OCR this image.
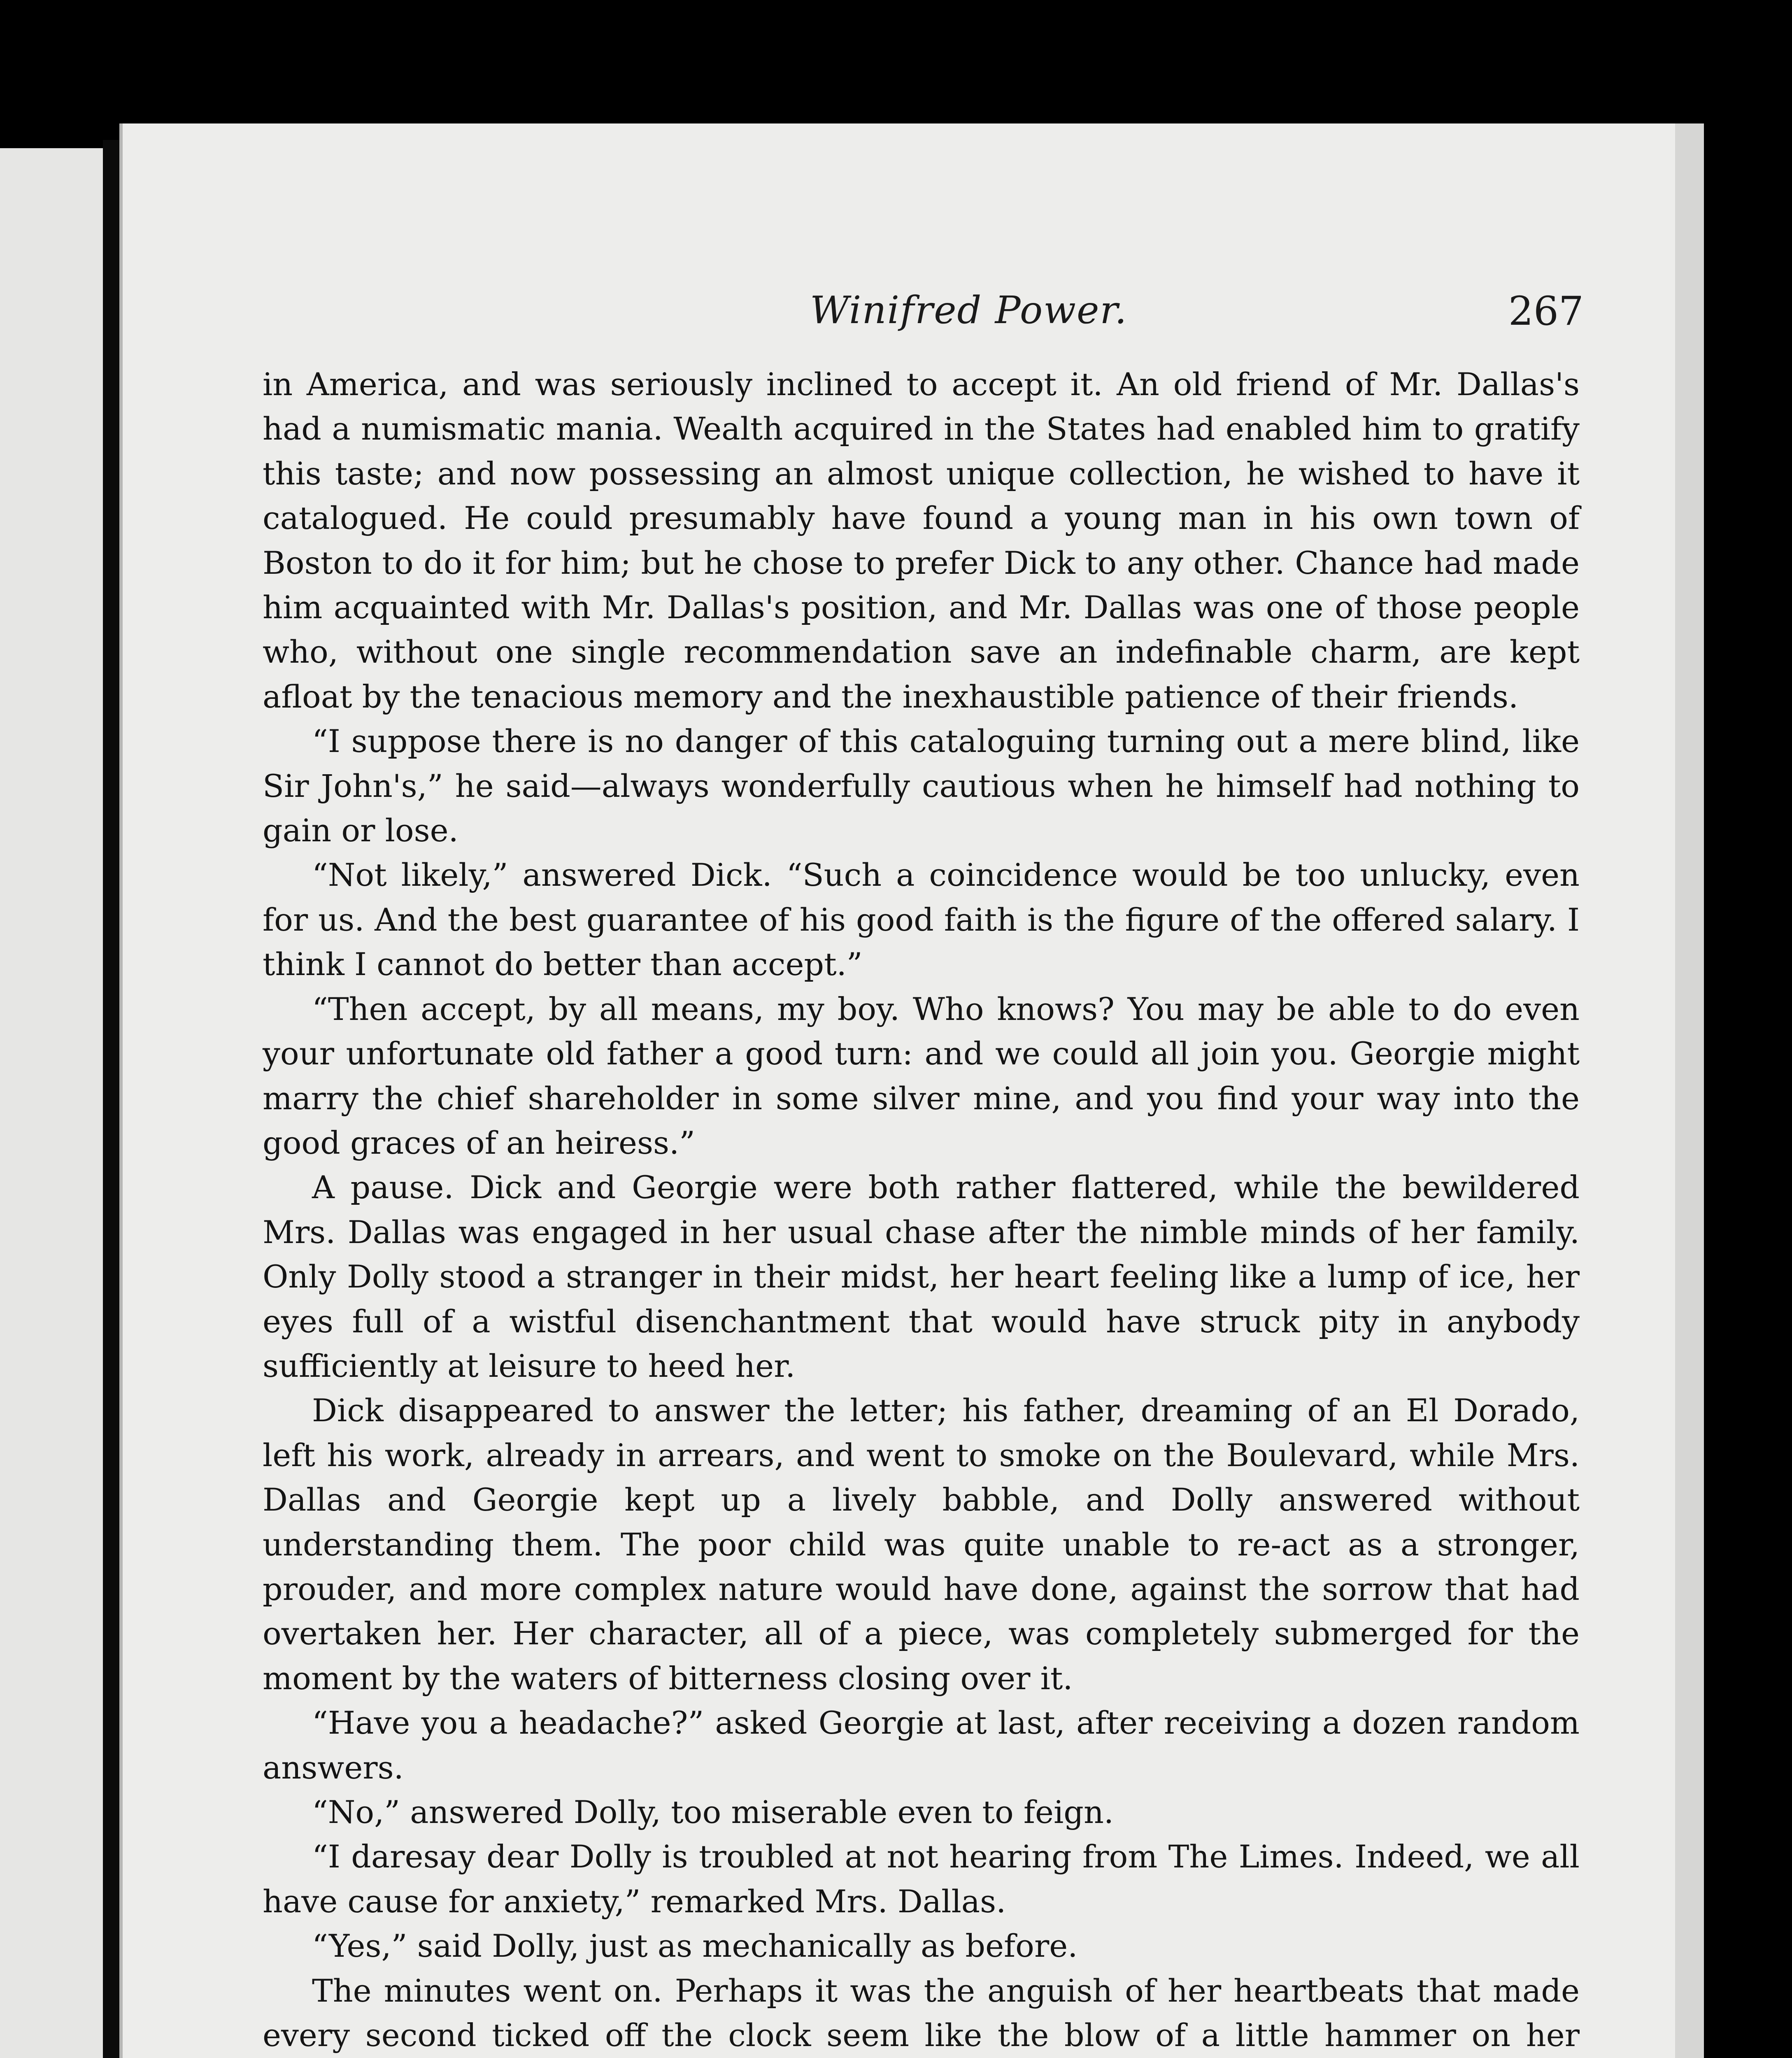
Winifred Power.	267

in America, and was seriously inclined to accept it. An old friend of Mr. Dallas's had a numismatic mania. Wealth acquired in the States had enabled him to gratify this taste; and now possessing an almost unique collection, he wished to have it catalogued. He could presumably have found a young man in his own town of Boston to do it for him; but he chose to prefer Dick to any other. Chance had made him acquainted with Mr. Dallas's position, and Mr. Dallas was one of those people who, without one single recommendation save an indefinable charm, are kept afloat by the tenacious memory and the inexhaustible patience of their friends.

“I suppose there is no danger of this cataloguing turning out a mere blind, like Sir John's,” he said—always wonderfully cautious when he himself had nothing to gain or lose.

“Not likely,” answered Dick. “Such a coincidence would be too unlucky, even for us. And the best guarantee of his good faith is the figure of the offered salary. I think I cannot do better than accept.”

“Then accept, by all means, my boy. Who knows? You may be able to do even your unfortunate old father a good turn: and we could all join you. Georgie might marry the chief shareholder in some silver mine, and you find your way into the good graces of an heiress.”

A pause. Dick and Georgie were both rather flattered, while the bewildered Mrs. Dallas was engaged in her usual chase after the nimble minds of her family. Only Dolly stood a stranger in their midst, her heart feeling like a lump of ice, her eyes full of a wistful disenchantment that would have struck pity in anybody sufficiently at leisure to heed her.

Dick disappeared to answer the letter; his father, dreaming of an El Dorado, left his work, already in arrears, and went to smoke on the Boulevard, while Mrs. Dallas and Georgie kept up a lively babble, and Dolly answered without understanding them. The poor child was quite unable to re-act as a stronger, prouder, and more complex nature would have done, against the sorrow that had overtaken her. Her character, all of a piece, was completely submerged for the moment by the waters of bitterness closing over it.

“Have you a headache?” asked Georgie at last, after receiving a dozen random answers.

“No,” answered Dolly, too miserable even to feign.

“I daresay dear Dolly is troubled at not hearing from The Limes. Indeed, we all have cause for anxiety,” remarked Mrs. Dallas.

“Yes,” said Dolly, just as mechanically as before.

The minutes went on. Perhaps it was the anguish of her heartbeats that made every second ticked off the clock seem like the blow of a little hammer on her
